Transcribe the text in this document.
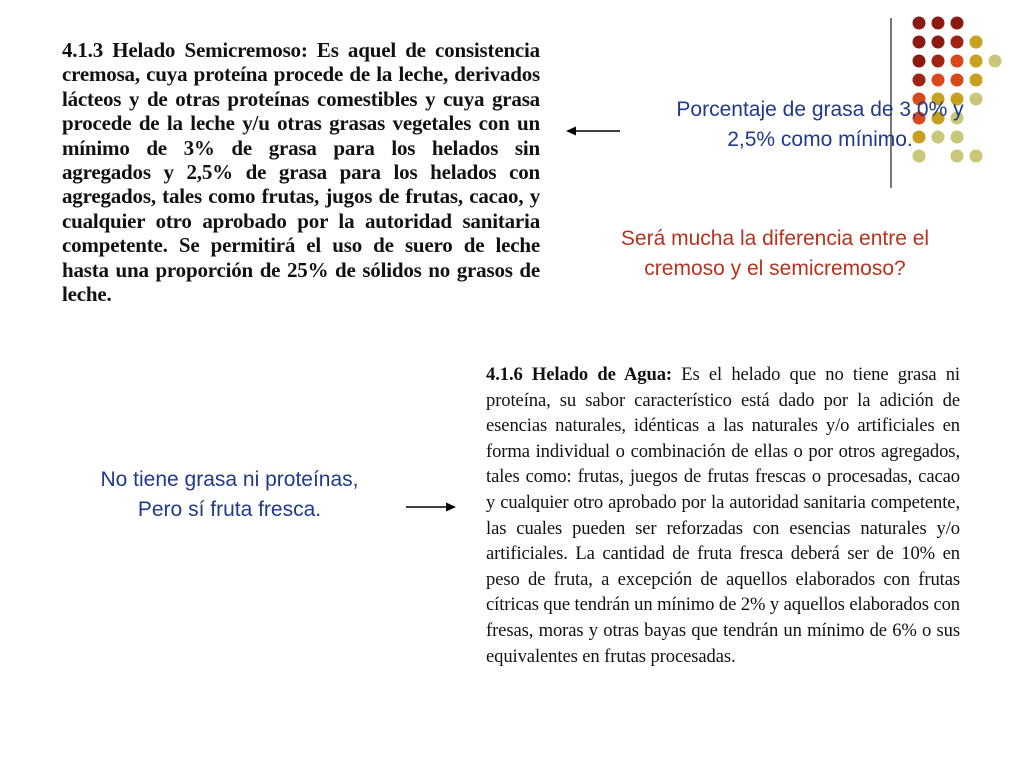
4.1.3 Helado Semicremoso: Es aquel de consistencia cremosa, cuya proteína procede de la leche, derivados lácteos y de otras proteínas comestibles y cuya grasa procede de la leche y/u otras grasas vegetales con un mínimo de 3% de grasa para los helados sin agregados y 2,5% de grasa para los helados con agregados, tales como frutas, jugos de frutas, cacao, y cualquier otro aprobado por la autoridad sanitaria competente. Se permitirá el uso de suero de leche hasta una proporción de 25% de sólidos no grasos de leche.

Porcentaje de grasa de 3,0% y
2,5% como mínimo.
Será mucha la diferencia entre el
cremoso y el semicremoso?
No tiene grasa ni proteínas,
Pero sí fruta fresca.

4.1.6 Helado de Agua: Es el helado que no tiene grasa ni proteína, su sabor característico está dado por la adición de esencias naturales, idénticas a las naturales y/o artificiales en forma individual o combinación de ellas o por otros agregados, tales como: frutas, juegos de frutas frescas o procesadas, cacao y cualquier otro aprobado por la autoridad sanitaria competente, las cuales pueden ser reforzadas con esencias naturales y/o artificiales. La cantidad de fruta fresca deberá ser de 10% en peso de fruta, a excepción de aquellos elaborados con frutas cítricas que tendrán un mínimo de 2% y aquellos elaborados con fresas, moras y otras bayas que tendrán un mínimo de 6% o sus equivalentes en frutas procesadas.
